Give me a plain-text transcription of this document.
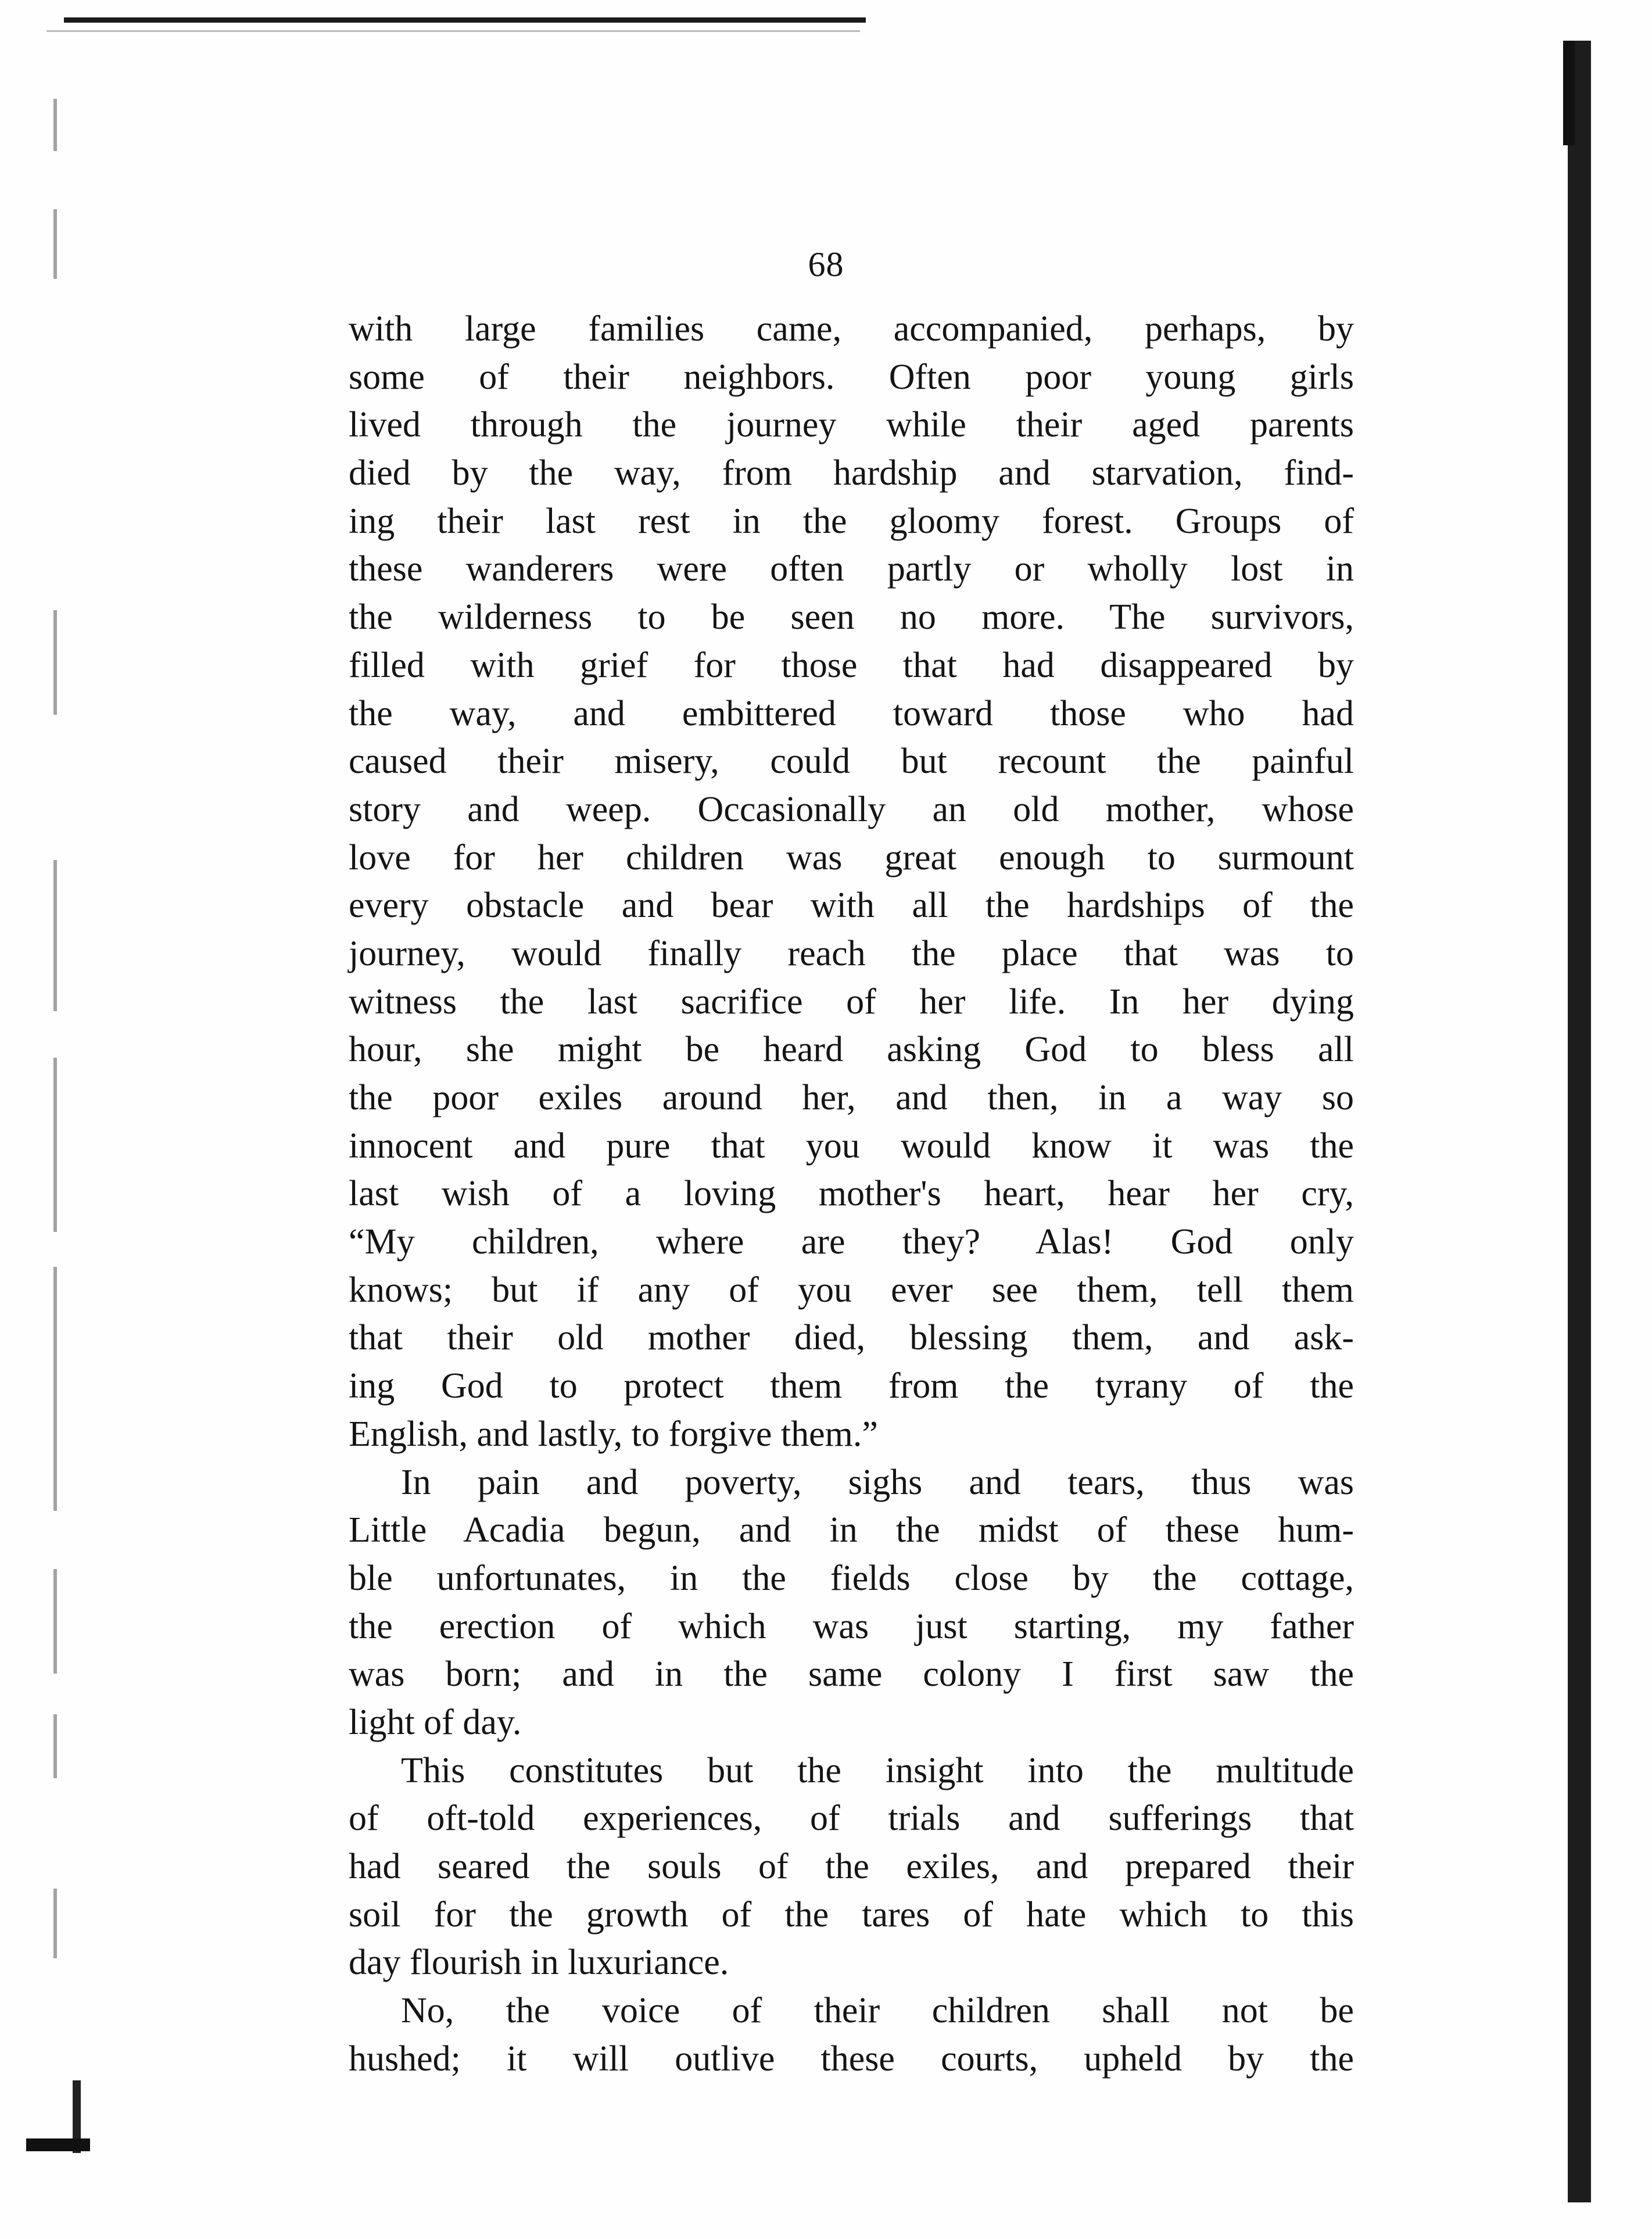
68
with large families came, accompanied, perhaps, by
some of their neighbors. Often poor young girls
lived through the journey while their aged parents
died by the way, from hardship and starvation, find-
ing their last rest in the gloomy forest. Groups of
these wanderers were often partly or wholly lost in
the wilderness to be seen no more. The survivors,
filled with grief for those that had disappeared by
the way, and embittered toward those who had
caused their misery, could but recount the painful
story and weep. Occasionally an old mother, whose
love for her children was great enough to surmount
every obstacle and bear with all the hardships of the
journey, would finally reach the place that was to
witness the last sacrifice of her life. In her dying
hour, she might be heard asking God to bless all
the poor exiles around her, and then, in a way so
innocent and pure that you would know it was the
last wish of a loving mother's heart, hear her cry,
“My children, where are they? Alas! God only
knows; but if any of you ever see them, tell them
that their old mother died, blessing them, and ask-
ing God to protect them from the tyrany of the
English, and lastly, to forgive them.”
In pain and poverty, sighs and tears, thus was
Little Acadia begun, and in the midst of these hum-
ble unfortunates, in the fields close by the cottage,
the erection of which was just starting, my father
was born; and in the same colony I first saw the
light of day.
This constitutes but the insight into the multitude
of oft-told experiences, of trials and sufferings that
had seared the souls of the exiles, and prepared their
soil for the growth of the tares of hate which to this
day flourish in luxuriance.
No, the voice of their children shall not be
hushed; it will outlive these courts, upheld by the
